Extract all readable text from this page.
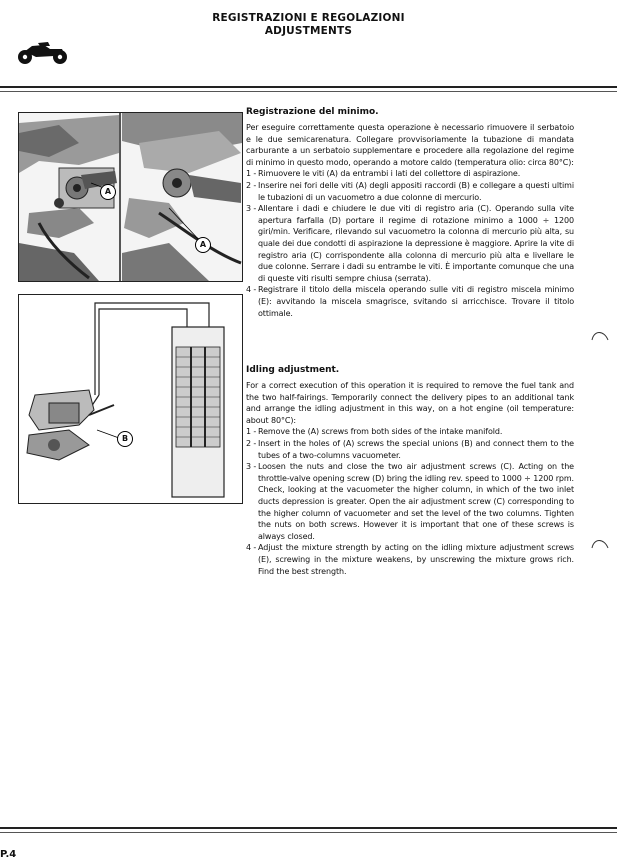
REGISTRAZIONI E REGOLAZIONI
ADJUSTMENTS
A
A
B

Registrazione del minimo.

Per eseguire correttamente questa operazione è necessario rimuovere il serbatoio e le due semicarenatura. Collegare provvisoriamente la tubazione di mandata carburante a un serbatoio supplementare e procedere alla regolazione del regime di minimo in questo modo, operando a motore caldo (temperatura olio: circa 80°C):

1 - Rimuovere le viti (A) da entrambi i lati del collettore di aspirazione.
2 - Inserire nei fori delle viti (A) degli appositi raccordi (B) e collegare a questi ultimi le tubazioni di un vacuometro a due colonne di mercurio.
3 - Allentare i dadi e chiudere le due viti di registro aria (C). Operando sulla vite apertura farfalla (D) portare il regime di rotazione minimo a 1000 ÷ 1200 giri/min. Verificare, rilevando sul vacuometro la colonna di mercurio più alta, su quale dei due condotti di aspirazione la depressione è maggiore. Aprire la vite di registro aria (C) corrispondente alla colonna di mercurio più alta e livellare le due colonne. Serrare i dadi su entrambe le viti. È importante comunque che una di queste viti risulti sempre chiusa (serrata).
4 - Registrare il titolo della miscela operando sulle viti di registro miscela minimo (E): avvitando la miscela smagrisce, svitando si arricchisce. Trovare il titolo ottimale.

Idling adjustment.

For a correct execution of this operation it is required to remove the fuel tank and the two half-fairings. Temporarily connect the delivery pipes to an additional tank and arrange the idling adjustment in this way, on a hot engine (oil temperature: about 80°C):

1 - Remove the (A) screws from both sides of the intake manifold.
2 - Insert in the holes of (A) screws the special unions (B) and connect them to the tubes of a two-columns vacuometer.
3 - Loosen the nuts and close the two air adjustment screws (C). Acting on the throttle-valve opening screw (D) bring the idling rev. speed to 1000 ÷ 1200 rpm. Check, looking at the vacuometer the higher column, in which of the two inlet ducts depression is greater. Open the air adjustment screw (C) corresponding to the higher column of vacuometer and set the level of the two columns. Tighten the nuts on both screws. However it is important that one of these screws is always closed.
4 - Adjust the mixture strength by acting on the idling mixture adjustment screws (E), screwing in the mixture weakens, by unscrewing the mixture grows rich. Find the best strength.
P.4
